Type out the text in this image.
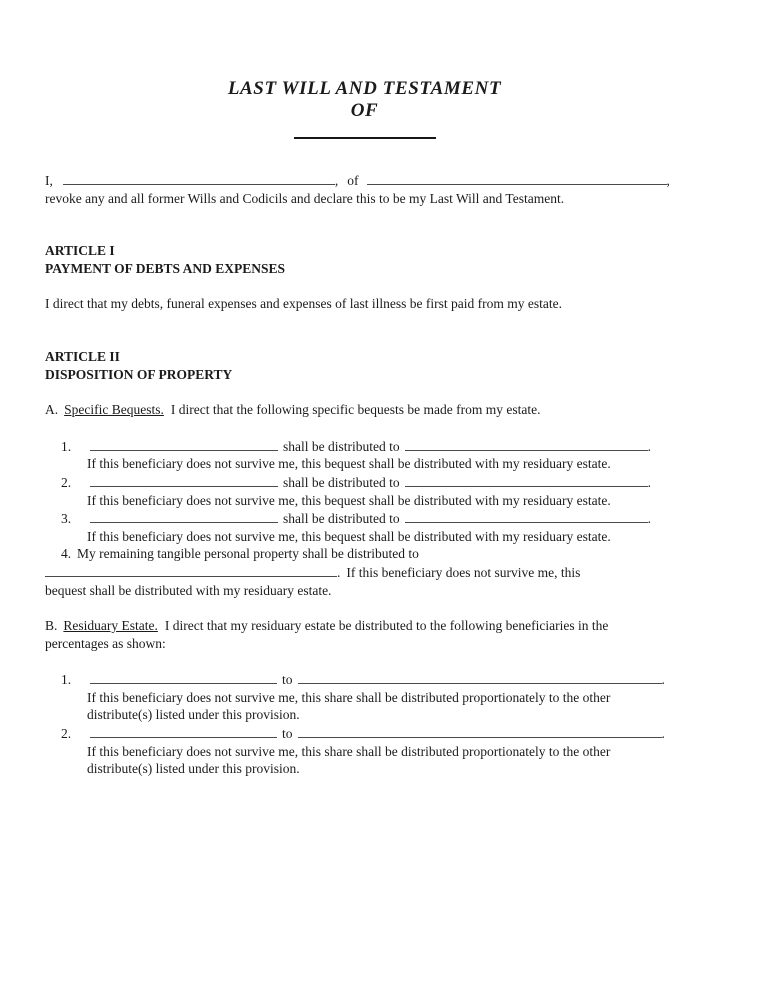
LAST WILL AND TESTAMENT
OF
I,	, of	,
revoke any and all former Wills and Codicils and declare this to be my Last Will and Testament.
ARTICLE I
PAYMENT OF DEBTS AND EXPENSES
I direct that my debts, funeral expenses and expenses of last illness be first paid from my estate.
ARTICLE II
DISPOSITION OF PROPERTY
A. Specific Bequests. I direct that the following specific bequests be made from my estate.
1.	shall be distributed to	.
If this beneficiary does not survive me, this bequest shall be distributed with my residuary estate.
2.	shall be distributed to	.
If this beneficiary does not survive me, this bequest shall be distributed with my residuary estate.
3.	shall be distributed to	.
If this beneficiary does not survive me, this bequest shall be distributed with my residuary estate.
4. My remaining tangible personal property shall be distributed to
. If this beneficiary does not survive me, this
bequest shall be distributed with my residuary estate.
B. Residuary Estate. I direct that my residuary estate be distributed to the following beneficiaries in the
percentages as shown:
1.	to	.
If this beneficiary does not survive me, this share shall be distributed proportionately to the other
distribute(s) listed under this provision.
2.	to	.
If this beneficiary does not survive me, this share shall be distributed proportionately to the other
distribute(s) listed under this provision.
